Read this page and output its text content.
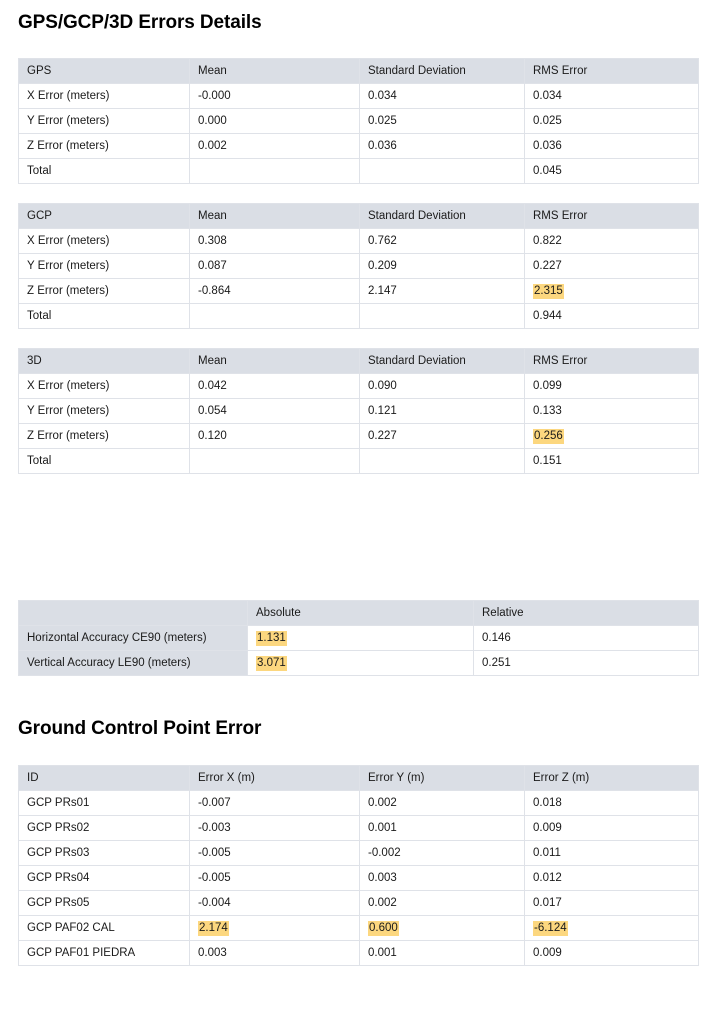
GPS/GCP/3D Errors Details
GPS	Mean	Standard Deviation	RMS Error
X Error (meters)	-0.000	0.034	0.034
Y Error (meters)	0.000	0.025	0.025
Z Error (meters)	0.002	0.036	0.036
Total			0.045
GCP	Mean	Standard Deviation	RMS Error
X Error (meters)	0.308	0.762	0.822
Y Error (meters)	0.087	0.209	0.227
Z Error (meters)	-0.864	2.147	2.315
Total			0.944
3D	Mean	Standard Deviation	RMS Error
X Error (meters)	0.042	0.090	0.099
Y Error (meters)	0.054	0.121	0.133
Z Error (meters)	0.120	0.227	0.256
Total			0.151
	Absolute	Relative
Horizontal Accuracy CE90 (meters)	1.131	0.146
Vertical Accuracy LE90 (meters)	3.071	0.251
Ground Control Point Error
ID	Error X (m)	Error Y (m)	Error Z (m)
GCP PRs01	-0.007	0.002	0.018
GCP PRs02	-0.003	0.001	0.009
GCP PRs03	-0.005	-0.002	0.011
GCP PRs04	-0.005	0.003	0.012
GCP PRs05	-0.004	0.002	0.017
GCP PAF02 CAL	2.174	0.600	-6.124
GCP PAF01 PIEDRA	0.003	0.001	0.009
